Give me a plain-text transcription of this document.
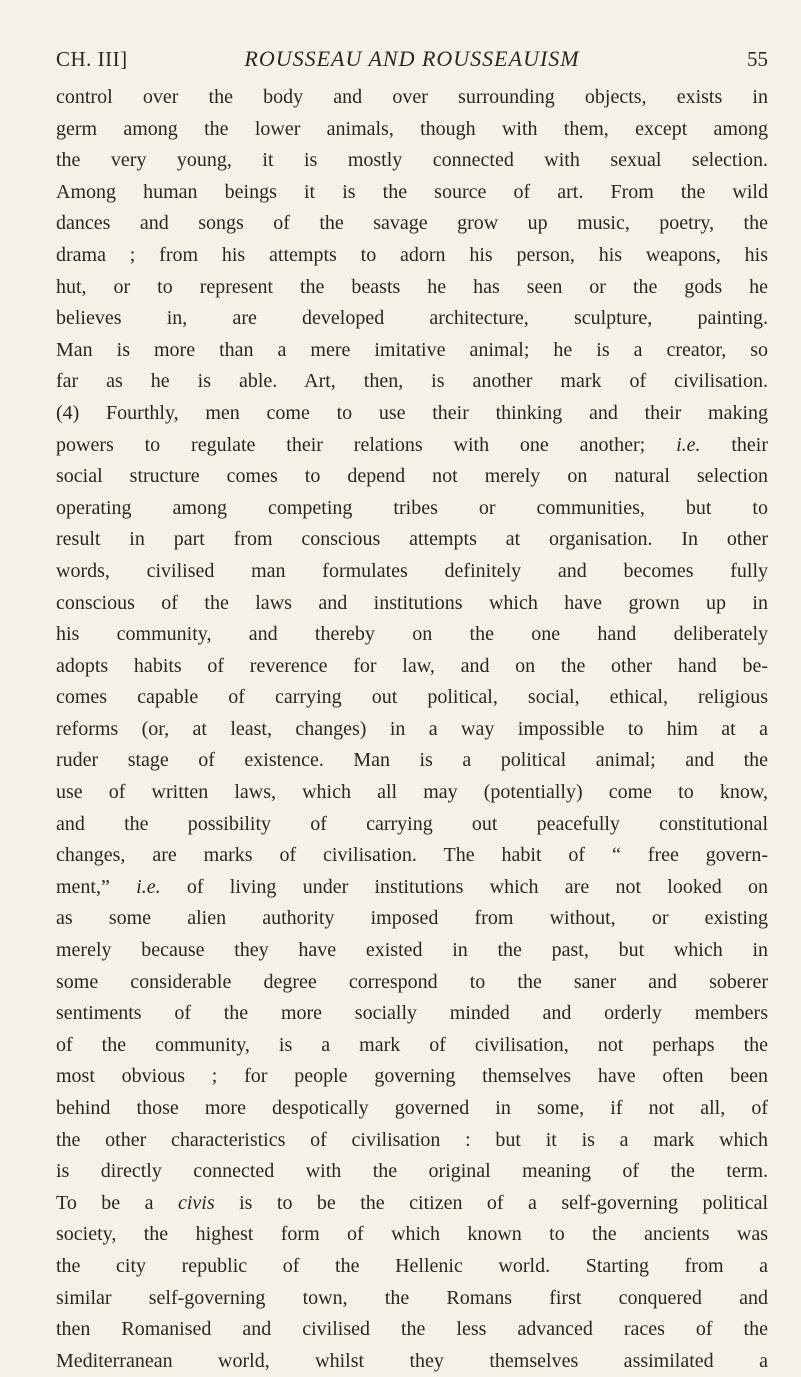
CH. III]	ROUSSEAU AND ROUSSEAUISM	55
control over the body and over surrounding objects, exists in
germ among the lower animals, though with them, except among
the very young, it is mostly connected with sexual selection.
Among human beings it is the source of art. From the wild
dances and songs of the savage grow up music, poetry, the
drama ; from his attempts to adorn his person, his weapons, his
hut, or to represent the beasts he has seen or the gods he
believes in, are developed architecture, sculpture, painting.
Man is more than a mere imitative animal; he is a creator, so
far as he is able. Art, then, is another mark of civilisation.
(4) Fourthly, men come to use their thinking and their making
powers to regulate their relations with one another; i.e. their
social structure comes to depend not merely on natural selection
operating among competing tribes or communities, but to
result in part from conscious attempts at organisation. In other
words, civilised man formulates definitely and becomes fully
conscious of the laws and institutions which have grown up in
his community, and thereby on the one hand deliberately
adopts habits of reverence for law, and on the other hand be-
comes capable of carrying out political, social, ethical, religious
reforms (or, at least, changes) in a way impossible to him at a
ruder stage of existence. Man is a political animal; and the
use of written laws, which all may (potentially) come to know,
and the possibility of carrying out peacefully constitutional
changes, are marks of civilisation. The habit of “ free govern-
ment,” i.e. of living under institutions which are not looked on
as some alien authority imposed from without, or existing
merely because they have existed in the past, but which in
some considerable degree correspond to the saner and soberer
sentiments of the more socially minded and orderly members
of the community, is a mark of civilisation, not perhaps the
most obvious ; for people governing themselves have often been
behind those more despotically governed in some, if not all, of
the other characteristics of civilisation : but it is a mark which
is directly connected with the original meaning of the term.
To be a civis is to be the citizen of a self-governing political
society, the highest form of which known to the ancients was
the city republic of the Hellenic world. Starting from a
similar self-governing town, the Romans first conquered and
then Romanised and civilised the less advanced races of the
Mediterranean world, whilst they themselves assimilated a
